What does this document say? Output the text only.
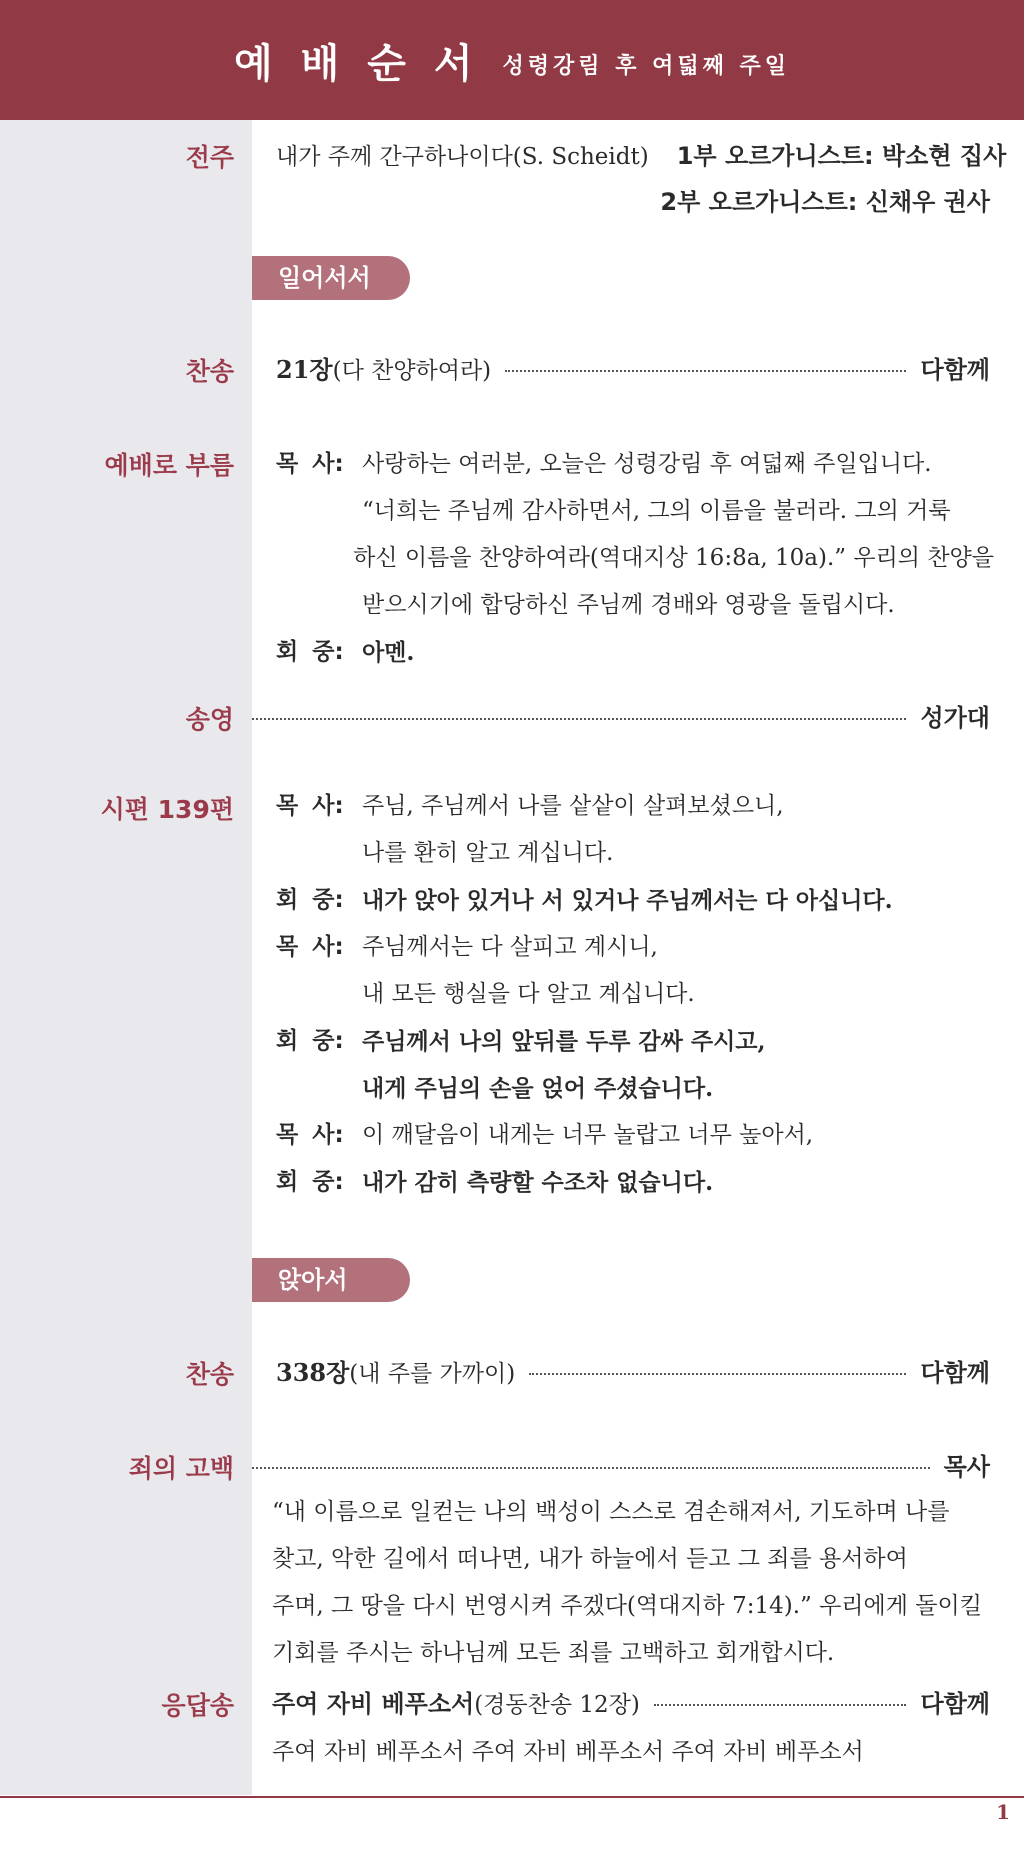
예배순서 성령강림 후 여덟째 주일
전주 내가 주께 간구하나이다(S. Scheidt) 1부 오르가니스트: 박소현 집사
2부 오르가니스트: 신채우 권사
일어서서
찬송 21장 (다 찬양하여라)	다함께
예배로 부름 목 사: 사랑하는 여러분, 오늘은 성령강림 후 여덟째 주일입니다.
“너희는 주님께 감사하면서, 그의 이름을 불러라. 그의 거룩
하신 이름을 찬양하여라(역대지상 16:8a, 10a).” 우리의 찬양을
받으시기에 합당하신 주님께 경배와 영광을 돌립시다.
회 중: 아멘.
송영	성가대
시편 139편 목 사: 주님, 주님께서 나를 샅샅이 살펴보셨으니,
나를 환히 알고 계십니다.
회 중: 내가 앉아 있거나 서 있거나 주님께서는 다 아십니다.
목 사: 주님께서는 다 살피고 계시니,
내 모든 행실을 다 알고 계십니다.
회 중: 주님께서 나의 앞뒤를 두루 감싸 주시고,
내게 주님의 손을 얹어 주셨습니다.
목 사: 이 깨달음이 내게는 너무 놀랍고 너무 높아서,
회 중: 내가 감히 측량할 수조차 없습니다.
앉아서
찬송 338장 (내 주를 가까이)	다함께
죄의 고백	목사
“내 이름으로 일컫는 나의 백성이 스스로 겸손해져서, 기도하며 나를
찾고, 악한 길에서 떠나면, 내가 하늘에서 듣고 그 죄를 용서하여
주며, 그 땅을 다시 번영시켜 주겠다(역대지하 7:14).” 우리에게 돌이킬
기회를 주시는 하나님께 모든 죄를 고백하고 회개합시다.
응답송 주여 자비 베푸소서 (경동찬송 12장)	다함께
주여 자비 베푸소서 주여 자비 베푸소서 주여 자비 베푸소서
1
